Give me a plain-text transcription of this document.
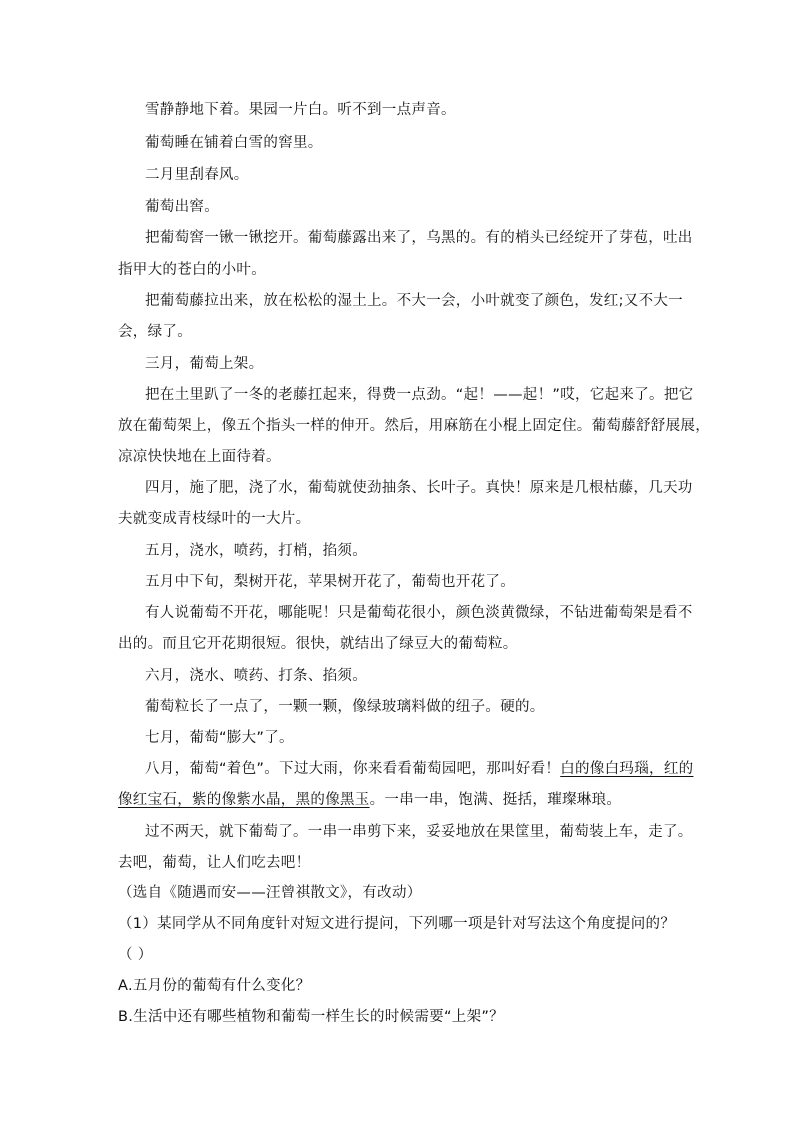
雪静静地下着。果园一片白。听不到一点声音。
葡萄睡在铺着白雪的窖里。
二月里刮春风。
葡萄出窖。
把葡萄窖一锹一锹挖开。葡萄藤露出来了，乌黑的。有的梢头已经绽开了芽苞，吐出
指甲大的苍白的小叶。
把葡萄藤拉出来，放在松松的湿土上。不大一会，小叶就变了颜色，发红;又不大一
会，绿了。
三月，葡萄上架。
把在土里趴了一冬的老藤扛起来，得费一点劲。“起！——起！”哎，它起来了。把它
放在葡萄架上，像五个指头一样的伸开。然后，用麻筋在小棍上固定住。葡萄藤舒舒展展，
凉凉快快地在上面待着。
四月，施了肥，浇了水，葡萄就使劲抽条、长叶子。真快！原来是几根枯藤，几天功
夫就变成青枝绿叶的一大片。
五月，浇水，喷药，打梢，掐须。
五月中下旬，梨树开花，苹果树开花了，葡萄也开花了。
有人说葡萄不开花，哪能呢！只是葡萄花很小，颜色淡黄微绿，不钻进葡萄架是看不
出的。而且它开花期很短。很快，就结出了绿豆大的葡萄粒。
六月，浇水、喷药、打条、掐须。
葡萄粒长了一点了，一颗一颗，像绿玻璃料做的纽子。硬的。
七月，葡萄“膨大”了。
八月，葡萄“着色”。下过大雨，你来看看葡萄园吧，那叫好看！白的像白玛瑙，红的
像红宝石，紫的像紫水晶，黑的像黑玉。一串一串，饱满、挺括，璀璨琳琅。
过不两天，就下葡萄了。一串一串剪下来，妥妥地放在果筐里，葡萄装上车，走了。
去吧，葡萄，让人们吃去吧！
（选自《随遇而安——汪曾祺散文》，有改动）
（1）某同学从不同角度针对短文进行提问，下列哪一项是针对写法这个角度提问的？
（ ）
A.五月份的葡萄有什么变化？
B.生活中还有哪些植物和葡萄一样生长的时候需要“上架”？
